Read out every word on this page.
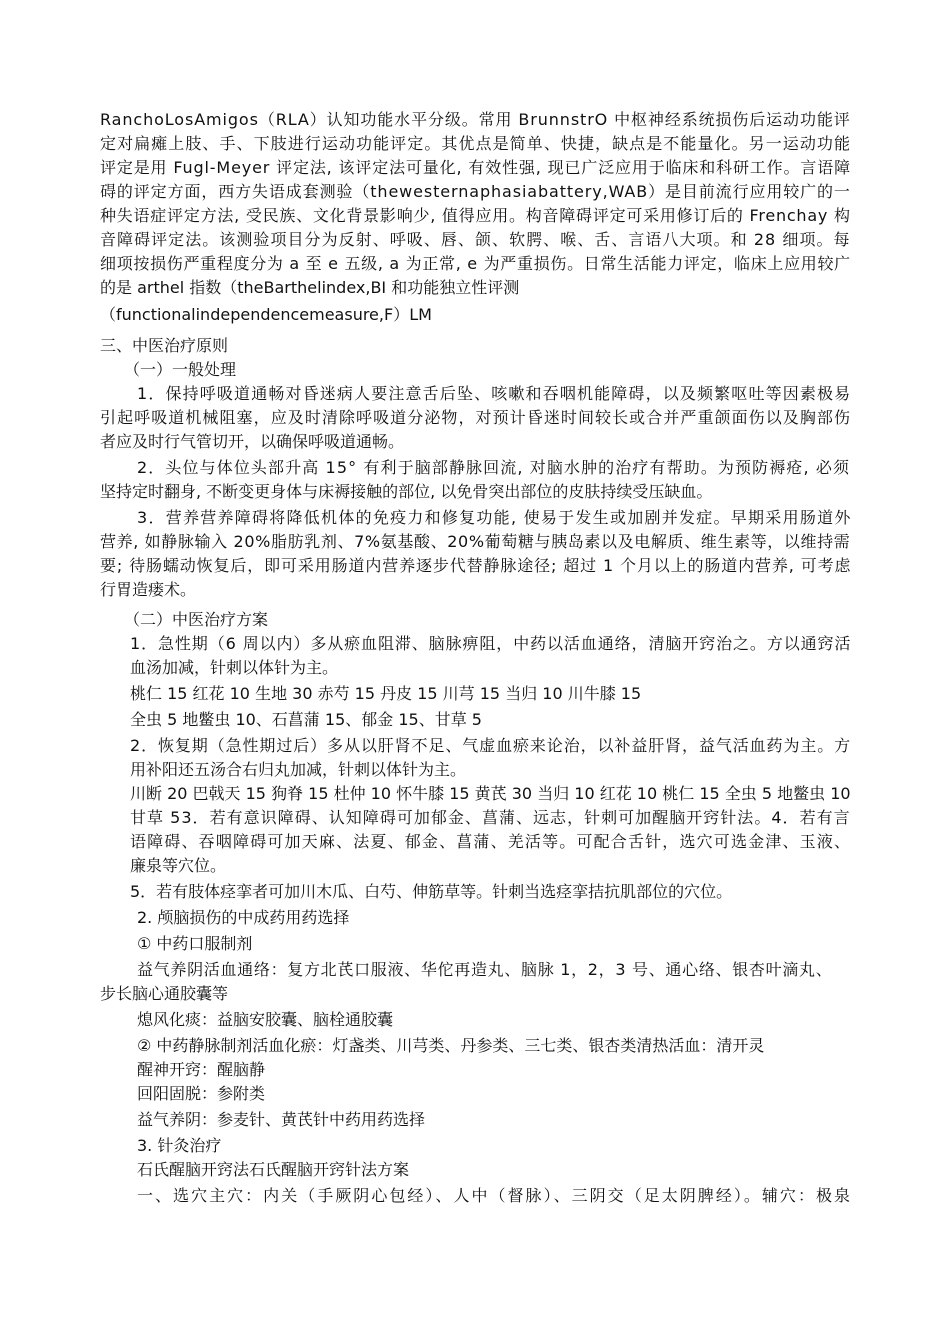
RanchoLosAmigos（RLA）认知功能水平分级。常用 BrunnstrO 中枢神经系统损伤后运动功能评
定对扁瘫上肢、手、下肢进行运动功能评定。其优点是简单、快捷，缺点是不能量化。另一运动功能
评定是用 Fugl-Meyer 评定法, 该评定法可量化, 有效性强, 现已广泛应用于临床和科研工作。言语障
碍的评定方面，西方失语成套测验（thewesternaphasiabattery,WAB）是目前流行应用较广的一
种失语症评定方法, 受民族、文化背景影响少, 值得应用。构音障碍评定可采用修订后的 Frenchay 构
音障碍评定法。该测验项目分为反射、呼吸、唇、颌、软腭、喉、舌、言语八大项。和 28 细项。每
细项按损伤严重程度分为 a 至 e 五级, a 为正常, e 为严重损伤。日常生活能力评定，临床上应用较广
的是 arthel 指数（theBarthelindex,BI 和功能独立性评测
（functionalindependencemeasure,F）LM
三、中医治疗原则
（一）一般处理
1．保持呼吸道通畅对昏迷病人要注意舌后坠、咳嗽和吞咽机能障碍，以及频繁呕吐等因素极易
引起呼吸道机械阻塞，应及时清除呼吸道分泌物，对预计昏迷时间较长或合并严重颌面伤以及胸部伤
者应及时行气管切开，以确保呼吸道通畅。
2．头位与体位头部升高 15° 有利于脑部静脉回流, 对脑水肿的治疗有帮助。为预防褥疮, 必须
坚持定时翻身, 不断变更身体与床褥接触的部位, 以免骨突出部位的皮肤持续受压缺血。
3．营养营养障碍将降低机体的免疫力和修复功能, 使易于发生或加剧并发症。早期采用肠道外
营养, 如静脉输入 20%脂肪乳剂、7%氨基酸、20%葡萄糖与胰岛素以及电解质、维生素等，以维持需
要; 待肠蠕动恢复后，即可采用肠道内营养逐步代替静脉途径; 超过 1 个月以上的肠道内营养, 可考虑
行胃造瘘术。
（二）中医治疗方案
1．急性期（6 周以内）多从瘀血阻滞、脑脉痹阻，中药以活血通络，清脑开窍治之。方以通窍活
血汤加减，针刺以体针为主。
桃仁 15 红花 10 生地 30 赤芍 15 丹皮 15 川芎 15 当归 10 川牛膝 15
全虫 5 地鳖虫 10、石菖蒲 15、郁金 15、甘草 5
2．恢复期（急性期过后）多从以肝肾不足、气虚血瘀来论治，以补益肝肾，益气活血药为主。方
用补阳还五汤合右归丸加减，针刺以体针为主。
川断 20 巴戟天 15 狗脊 15 杜仲 10 怀牛膝 15 黄芪 30 当归 10 红花 10 桃仁 15 全虫 5 地鳖虫 10
甘草 53．若有意识障碍、认知障碍可加郁金、菖蒲、远志，针刺可加醒脑开窍针法。4．若有言
语障碍、吞咽障碍可加天麻、法夏、郁金、菖蒲、羌活等。可配合舌针，选穴可选金津、玉液、
廉泉等穴位。
5．若有肢体痉挛者可加川木瓜、白芍、伸筋草等。针刺当选痉挛拮抗肌部位的穴位。
2. 颅脑损伤的中成药用药选择
① 中药口服制剂
益气养阴活血通络：复方北芪口服液、华佗再造丸、脑脉 1，2，3 号、通心络、银杏叶滴丸、
步长脑心通胶囊等
熄风化痰：益脑安胶囊、脑栓通胶囊
② 中药静脉制剂活血化瘀：灯盏类、川芎类、丹参类、三七类、银杏类清热活血：清开灵
醒神开窍：醒脑静
回阳固脱：参附类
益气养阴：参麦针、黄芪针中药用药选择
3. 针灸治疗
石氏醒脑开窍法石氏醒脑开窍针法方案
一、选穴主穴：内关（手厥阴心包经）、人中（督脉）、三阴交（足太阴脾经）。辅穴：极泉
